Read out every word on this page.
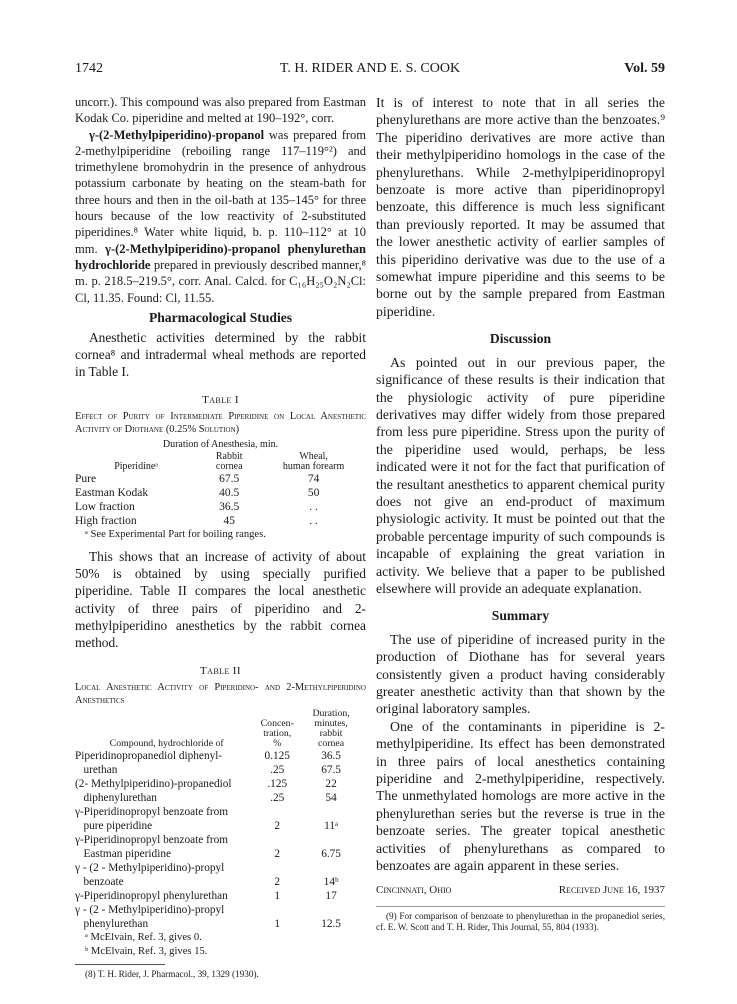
1742	T. H. RIDER AND E. S. COOK	Vol. 59

uncorr.). This compound was also prepared from Eastman Kodak Co. piperidine and melted at 190–192°, corr.

γ-(2-Methylpiperidino)-propanol was prepared from 2-methylpiperidine (reboiling range 117–119°²) and trimethylene bromohydrin in the presence of anhydrous potassium carbonate by heating on the steam-bath for three hours and then in the oil-bath at 135–145° for three hours because of the low reactivity of 2-substituted piperidines.⁸ Water white liquid, b. p. 110–112° at 10 mm. γ-(2-Methylpiperidino)-propanol phenylurethan hydrochloride prepared in previously described manner,⁸ m. p. 218.5–219.5°, corr. Anal. Calcd. for C₁₆H₂₅O₂N₂Cl: Cl, 11.35. Found: Cl, 11.55.

Pharmacological Studies

Anesthetic activities determined by the rabbit cornea⁸ and intradermal wheal methods are reported in Table I.

Table I
Effect of Purity of Intermediate Piperidine on Local Anesthetic Activity of Diothane (0.25% Solution)
Duration of Anesthesia, min.
	Rabbit	Wheal,
Piperidineᵃ	cornea	human forearm
Pure	67.5	74
Eastman Kodak	40.5	50
Low fraction	36.5	. .
High fraction	45	. .
ᵃ See Experimental Part for boiling ranges.

This shows that an increase of activity of about 50% is obtained by using specially purified piperidine. Table II compares the local anesthetic activity of three pairs of piperidino and 2-methylpiperidino anesthetics by the rabbit cornea method.

Table II
Local Anesthetic Activity of Piperidino- and 2-Methylpiperidino Anesthetics
		Duration,
	Concen-	minutes,
	tration,	rabbit
Compound, hydrochloride of	%	cornea
Piperidinopropanediol diphenyl-	0.125	36.5
urethan	.25	67.5
(2- Methylpiperidino)-propanediol	.125	22
diphenylurethan	.25	54
γ-Piperidinopropyl benzoate from		
pure piperidine	2	11ᵃ
γ-Piperidinopropyl benzoate from		
Eastman piperidine	2	6.75
γ - (2 - Methylpiperidino)-propyl		
benzoate	2	14ᵇ
γ-Piperidinopropyl phenylurethan	1	17
γ - (2 - Methylpiperidino)-propyl		
phenylurethan	1	12.5
ᵃ McElvain, Ref. 3, gives 0.
ᵇ McElvain, Ref. 3, gives 15.
(8) T. H. Rider, J. Pharmacol., 39, 1329 (1930).

It is of interest to note that in all series the phenylurethans are more active than the benzoates.⁹ The piperidino derivatives are more active than their methylpiperidino homologs in the case of the phenylurethans. While 2-methylpiperidinopropyl benzoate is more active than piperidinopropyl benzoate, this difference is much less significant than previously reported. It may be assumed that the lower anesthetic activity of earlier samples of this piperidino derivative was due to the use of a somewhat impure piperidine and this seems to be borne out by the sample prepared from Eastman piperidine.

Discussion

As pointed out in our previous paper, the significance of these results is their indication that the physiologic activity of pure piperidine derivatives may differ widely from those prepared from less pure piperidine. Stress upon the purity of the piperidine used would, perhaps, be less indicated were it not for the fact that purification of the resultant anesthetics to apparent chemical purity does not give an end-product of maximum physiologic activity. It must be pointed out that the probable percentage impurity of such compounds is incapable of explaining the great variation in activity. We believe that a paper to be published elsewhere will provide an adequate explanation.

Summary

The use of piperidine of increased purity in the production of Diothane has for several years consistently given a product having considerably greater anesthetic activity than that shown by the original laboratory samples.

One of the contaminants in piperidine is 2-methylpiperidine. Its effect has been demonstrated in three pairs of local anesthetics containing piperidine and 2-methylpiperidine, respectively. The unmethylated homologs are more active in the phenylurethan series but the reverse is true in the benzoate series. The greater topical anesthetic activities of phenylurethans as compared to benzoates are again apparent in these series.

Cincinnati, Ohio	Received June 16, 1937
(9) For comparison of benzoate to phenylurethan in the propanediol series, cf. E. W. Scott and T. H. Rider, This Journal, 55, 804 (1933).
